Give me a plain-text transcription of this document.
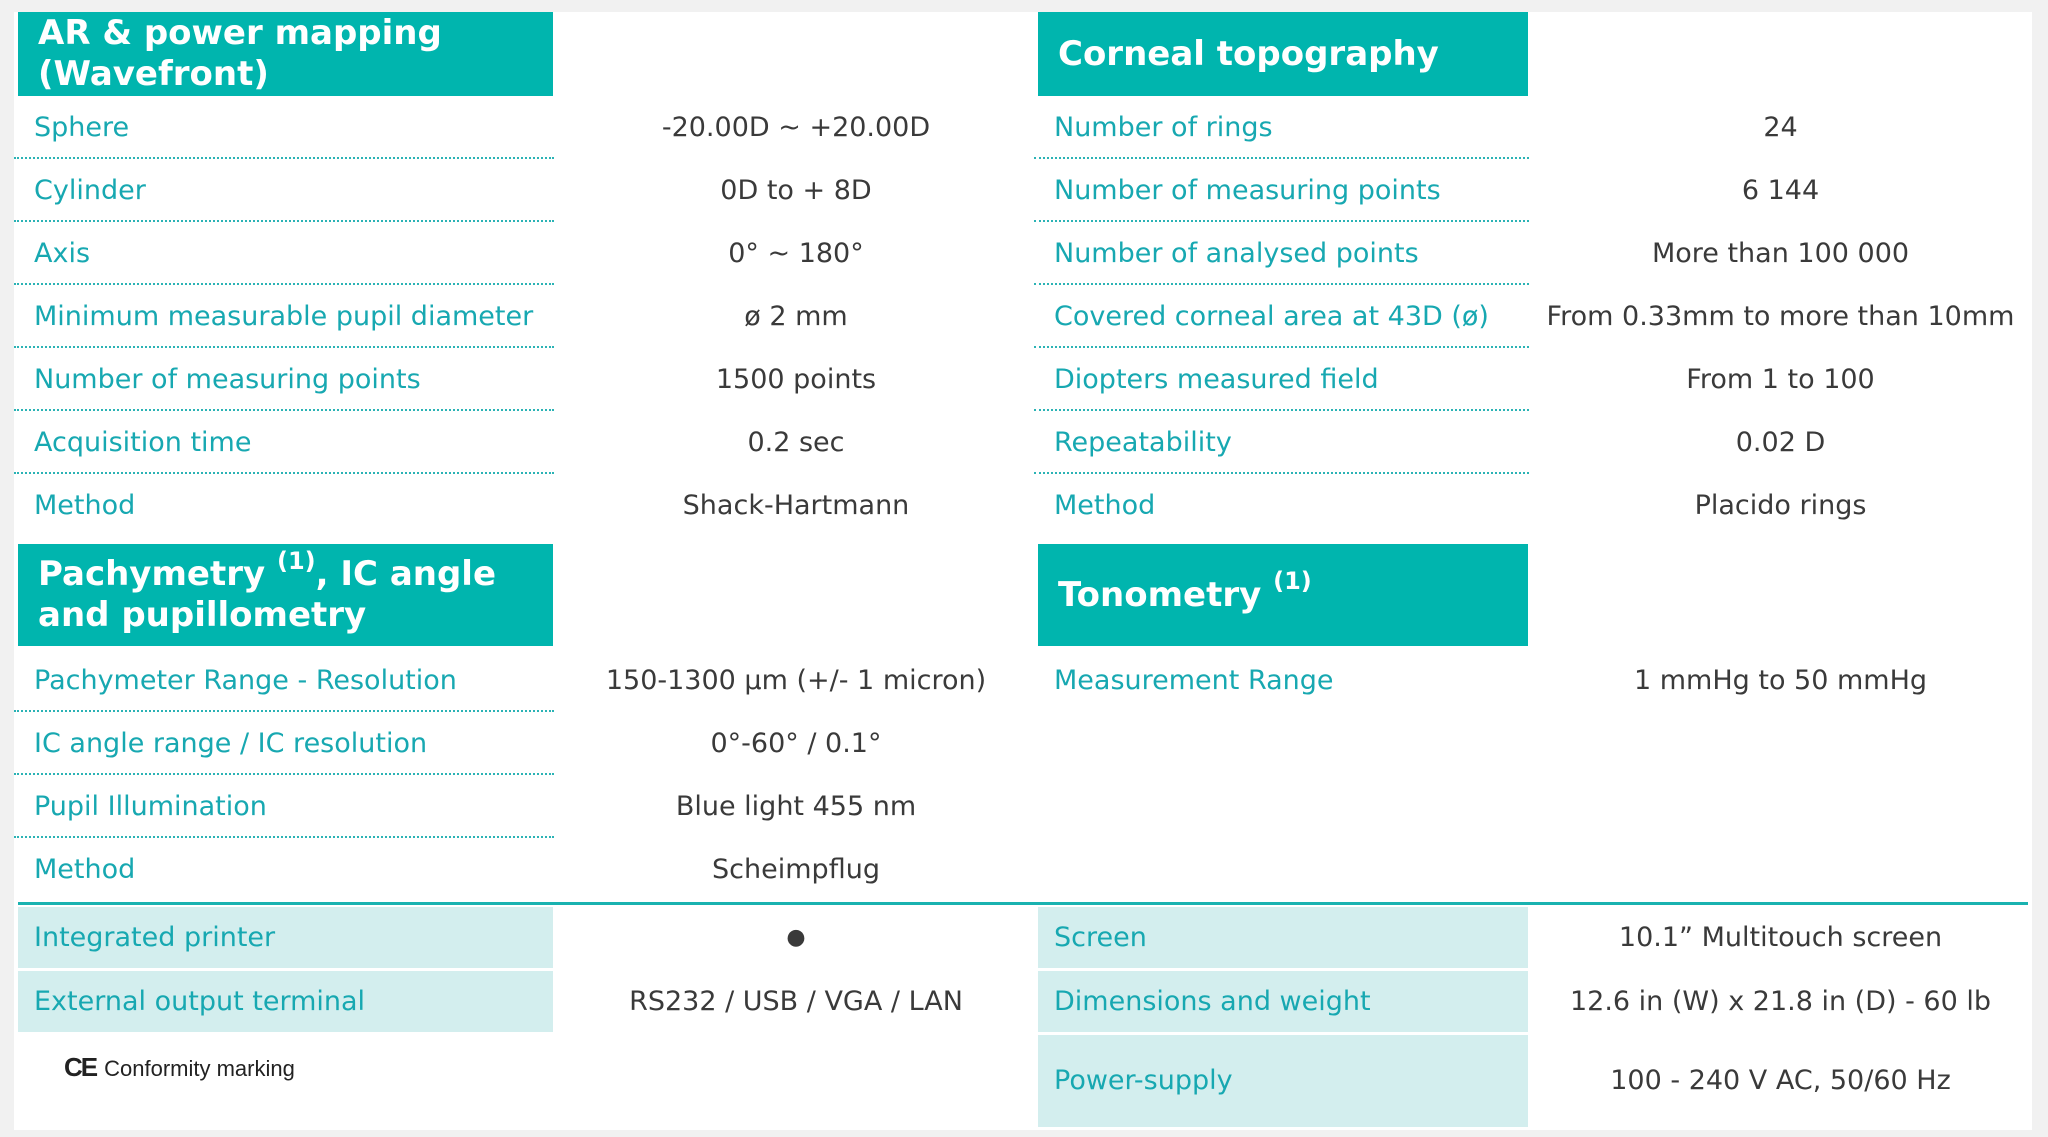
AR & power mapping
(Wavefront)
Corneal topography
Sphere	-20.00D ~ +20.00D
Cylinder	0D to + 8D
Axis	0° ~ 180°
Minimum measurable pupil diameter	ø 2 mm
Number of measuring points	1500 points
Acquisition time	0.2 sec
Method	Shack-Hartmann
Number of rings	24
Number of measuring points	6 144
Number of analysed points	More than 100 000
Covered corneal area at 43D (ø)	From 0.33mm to more than 10mm
Diopters measured field	From 1 to 100
Repeatability	0.02 D
Method	Placido rings
Pachymetry $^{(1)}$, IC angle
and pupillometry
Tonometry $^{(1)}$
Pachymeter Range - Resolution	150-1300 µm (+/- 1 micron)
IC angle range / IC resolution	0°-60° / 0.1°
Pupil Illumination	Blue light 455 nm
Method	Scheimpflug
Measurement Range	1 mmHg to 50 mmHg
Integrated printer	●
External output terminal	RS232 / USB / VGA / LAN
Screen	10.1” Multitouch screen
Dimensions and weight	12.6 in (W) x 21.8 in (D) - 60 lb
Power-supply	100 - 240 V AC, 50/60 Hz
CE Conformity marking
